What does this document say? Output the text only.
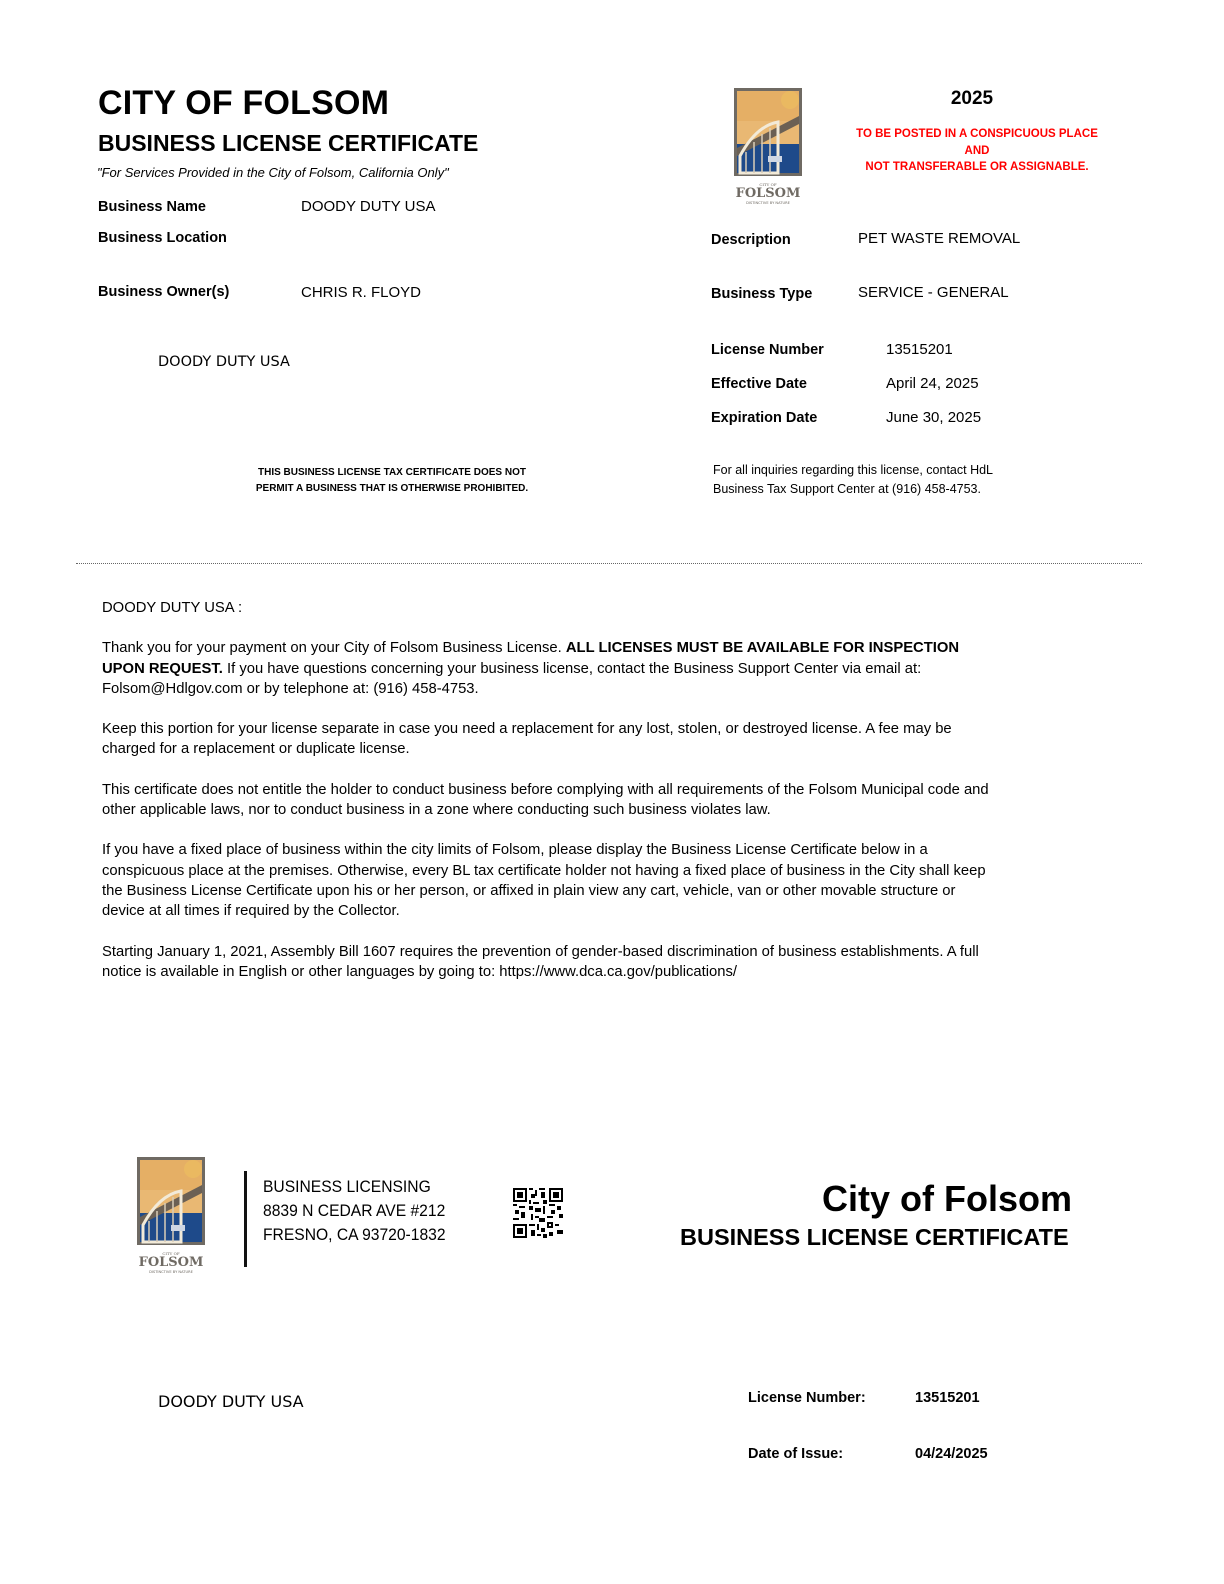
CITY OF FOLSOM
BUSINESS LICENSE CERTIFICATE
"For Services Provided in the City of Folsom, California Only"
CITY OF
FOLSOM
DISTINCTIVE BY NATURE
2025
TO BE POSTED IN A CONSPICUOUS PLACE
AND
NOT TRANSFERABLE OR ASSIGNABLE.
Business Name	DOODY DUTY USA
Business Location
Business Owner(s)	CHRIS R. FLOYD
DOODY DUTY USA
Description	PET WASTE REMOVAL
Business Type	SERVICE - GENERAL
License Number	13515201
Effective Date	April 24, 2025
Expiration Date	June 30, 2025
THIS BUSINESS LICENSE TAX CERTIFICATE DOES NOT
PERMIT A BUSINESS THAT IS OTHERWISE PROHIBITED.
For all inquiries regarding this license, contact HdL
Business Tax Support Center at (916) 458-4753.

DOODY DUTY USA :

Thank you for your payment on your City of Folsom Business License. ALL LICENSES MUST BE AVAILABLE FOR INSPECTION UPON REQUEST. If you have questions concerning your business license, contact the Business Support Center via email at: Folsom@Hdlgov.com or by telephone at: (916) 458-4753.

Keep this portion for your license separate in case you need a replacement for any lost, stolen, or destroyed license. A fee may be charged for a replacement or duplicate license.

This certificate does not entitle the holder to conduct business before complying with all requirements of the Folsom Municipal code and other applicable laws, nor to conduct business in a zone where conducting such business violates law.

If you have a fixed place of business within the city limits of Folsom, please display the Business License Certificate below in a conspicuous place at the premises. Otherwise, every BL tax certificate holder not having a fixed place of business in the City shall keep the Business License Certificate upon his or her person, or affixed in plain view any cart, vehicle, van or other movable structure or device at all times if required by the Collector.

Starting January 1, 2021, Assembly Bill 1607 requires the prevention of gender-based discrimination of business establishments. A full notice is available in English or other languages by going to: https://www.dca.ca.gov/publications/

CITY OF
FOLSOM
DISTINCTIVE BY NATURE
BUSINESS LICENSING
8839 N CEDAR AVE #212
FRESNO, CA 93720-1832
City of Folsom
BUSINESS LICENSE CERTIFICATE
DOODY DUTY USA	License Number:	13515201
Date of Issue:	04/24/2025
